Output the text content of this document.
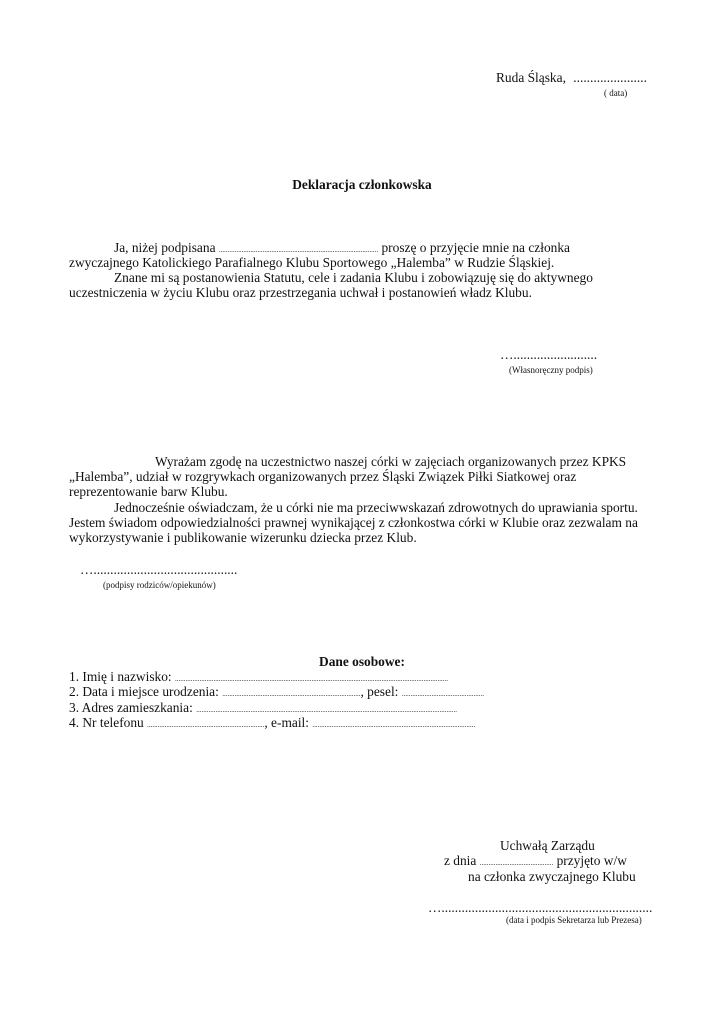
Ruda Śląska, ......................
( data)
Deklaracja członkowska
Ja, niżej podpisana ........................................................................................... proszę o przyjęcie mnie na członka
zwyczajnego Katolickiego Parafialnego Klubu Sportowego „Halemba” w Rudzie Śląskiej.
Znane mi są postanowienia Statutu, cele i zadania Klubu i zobowiązuję się do aktywnego
uczestniczenia w życiu Klubu oraz przestrzegania uchwał i postanowień władz Klubu.
….........................
(Własnoręczny podpis)
Wyrażam zgodę na uczestnictwo naszej córki w zajęciach organizowanych przez KPKS
„Halemba”, udział w rozgrywkach organizowanych przez Śląski Związek Piłki Siatkowej oraz
reprezentowanie barw Klubu.
Jednocześnie oświadczam, że u córki nie ma przeciwwskazań zdrowotnych do uprawiania sportu.
Jestem świadom odpowiedzialności prawnej wynikającej z członkostwa córki w Klubie oraz zezwalam na
wykorzystywanie i publikowanie wizerunku dziecka przez Klub.
…...........................................
(podpisy rodziców/opiekunów)
Dane osobowe:
1. Imię i nazwisko: ............................................................................................................................................................
2. Data i miejsce urodzenia: ..............................................................................., pesel: ...............................................
3. Adres zamieszkania: .....................................................................................................................................................
4. Nr telefonu ..................................................................., e-mail: .............................................................................................
Uchwałą Zarządu
z dnia .......................................... przyjęto w/w
na członka zwyczajnego Klubu
…...............................................................
(data i podpis Sekretarza lub Prezesa)
